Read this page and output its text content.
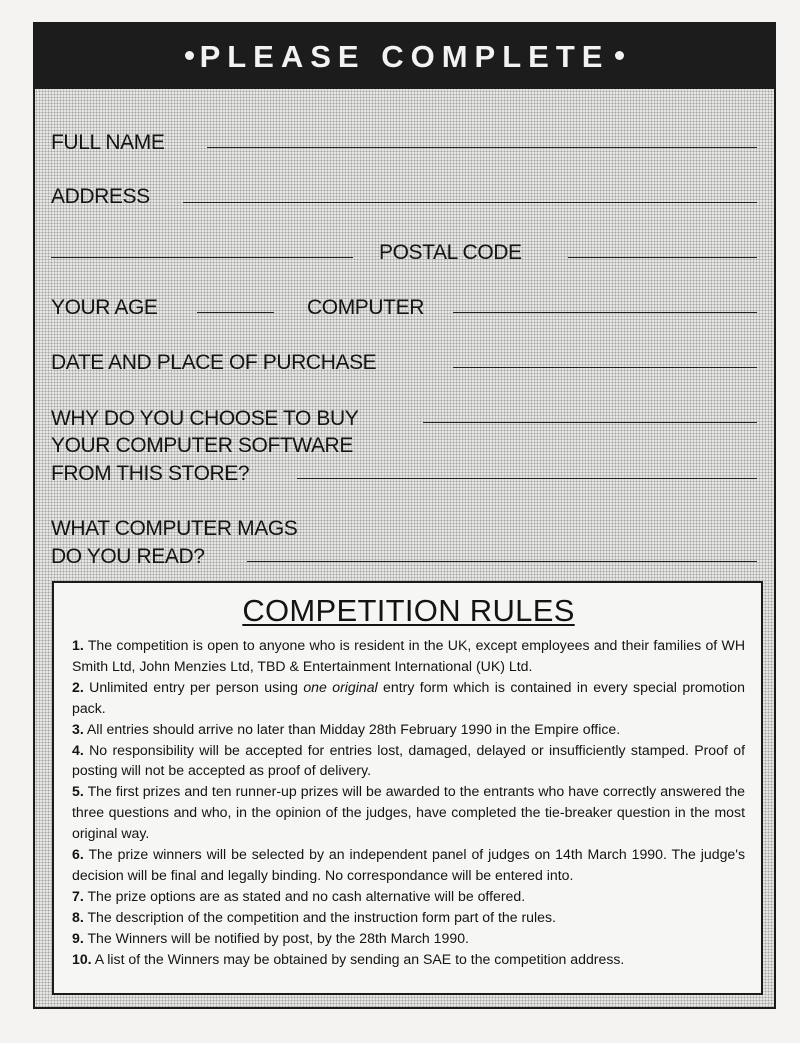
PLEASE COMPLETE
FULL NAME
ADDRESS
POSTAL CODE
YOUR AGE	COMPUTER
DATE AND PLACE OF PURCHASE
WHY DO YOU CHOOSE TO BUY
YOUR COMPUTER SOFTWARE
FROM THIS STORE?
WHAT COMPUTER MAGS
DO YOU READ?
COMPETITION RULES

1. The competition is open to anyone who is resident in the UK, except employees and their families of WH Smith Ltd, John Menzies Ltd, TBD & Entertainment International (UK) Ltd.

2. Unlimited entry per person using one original entry form which is contained in every special promotion pack.

3. All entries should arrive no later than Midday 28th February 1990 in the Empire office.

4. No responsibility will be accepted for entries lost, damaged, delayed or insufficiently stamped. Proof of posting will not be accepted as proof of delivery.

5. The first prizes and ten runner-up prizes will be awarded to the entrants who have correctly answered the three questions and who, in the opinion of the judges, have completed the tie-breaker question in the most original way.

6. The prize winners will be selected by an independent panel of judges on 14th March 1990. The judge's decision will be final and legally binding. No correspondance will be entered into.

7. The prize options are as stated and no cash alternative will be offered.

8. The description of the competition and the instruction form part of the rules.

9. The Winners will be notified by post, by the 28th March 1990.

10. A list of the Winners may be obtained by sending an SAE to the competition address.
